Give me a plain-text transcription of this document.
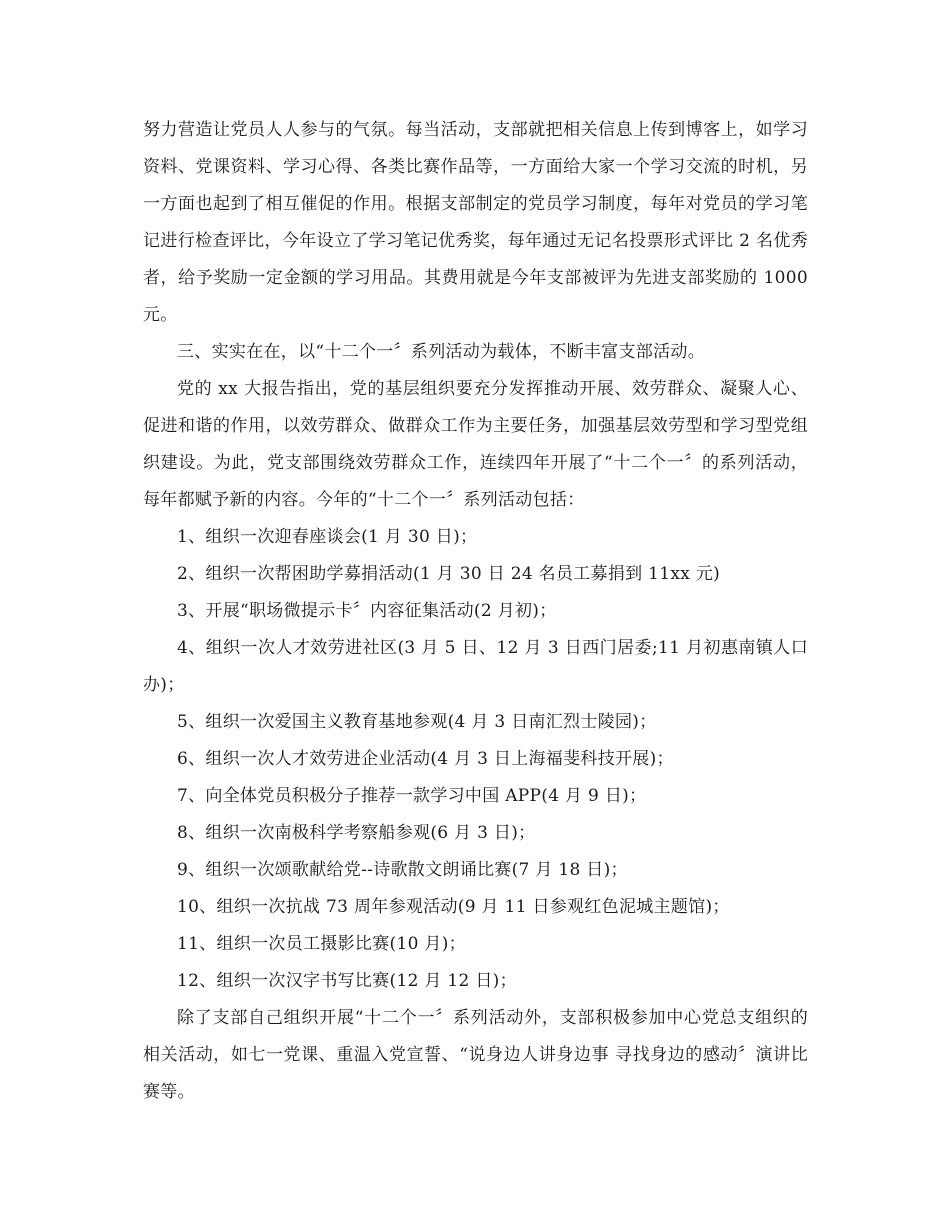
努力营造让党员人人参与的气氛。每当活动，支部就把相关信息上传到博客上，如学习资料、党课资料、学习心得、各类比赛作品等，一方面给大家一个学习交流的时机，另一方面也起到了相互催促的作用。根据支部制定的党员学习制度，每年对党员的学习笔记进行检查评比，今年设立了学习笔记优秀奖，每年通过无记名投票形式评比 2 名优秀者，给予奖励一定金额的学习用品。其费用就是今年支部被评为先进支部奖励的 1000 元。

三、实实在在，以“十二个一〞系列活动为载体，不断丰富支部活动。

党的 xx 大报告指出，党的基层组织要充分发挥推动开展、效劳群众、凝聚人心、促进和谐的作用，以效劳群众、做群众工作为主要任务，加强基层效劳型和学习型党组织建设。为此，党支部围绕效劳群众工作，连续四年开展了“十二个一〞的系列活动，每年都赋予新的内容。今年的“十二个一〞系列活动包括：

1、组织一次迎春座谈会(1 月 30 日)；

2、组织一次帮困助学募捐活动(1 月 30 日 24 名员工募捐到 11xx 元)

3、开展“职场微提示卡〞内容征集活动(2 月初)；

4、组织一次人才效劳进社区(3 月 5 日、12 月 3 日西门居委;11 月初惠南镇人口办)；

5、组织一次爱国主义教育基地参观(4 月 3 日南汇烈士陵园)；

6、组织一次人才效劳进企业活动(4 月 3 日上海福斐科技开展)；

7、向全体党员积极分子推荐一款学习中国 APP(4 月 9 日)；

8、组织一次南极科学考察船参观(6 月 3 日)；

9、组织一次颂歌献给党--诗歌散文朗诵比赛(7 月 18 日)；

10、组织一次抗战 73 周年参观活动(9 月 11 日参观红色泥城主题馆)；

11、组织一次员工摄影比赛(10 月)；

12、组织一次汉字书写比赛(12 月 12 日)；

除了支部自己组织开展“十二个一〞系列活动外，支部积极参加中心党总支组织的相关活动，如七一党课、重温入党宣誓、“说身边人讲身边事 寻找身边的感动〞演讲比赛等。
